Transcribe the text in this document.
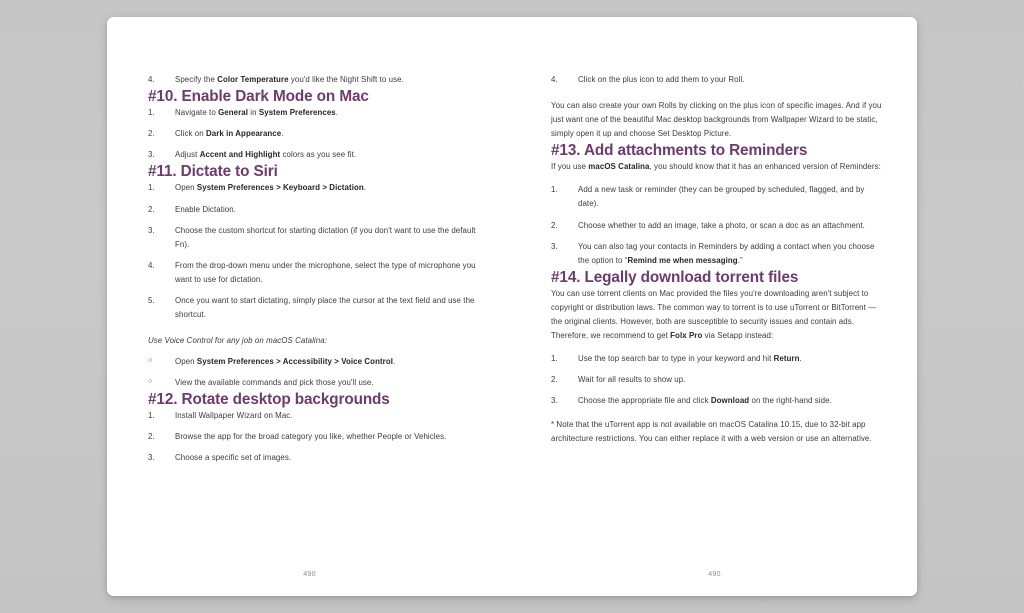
4.	Specify the Color Temperature you'd like the Night Shift to use.
#10. Enable Dark Mode on Mac
1.	Navigate to General in System Preferences.
2.	Click on Dark in Appearance.
3.	Adjust Accent and Highlight colors as you see fit.
#11. Dictate to Siri
1.	Open System Preferences > Keyboard > Dictation.
2.	Enable Dictation.
3.	Choose the custom shortcut for starting dictation (if you don't want to use the default Fn).
4.	From the drop-down menu under the microphone, select the type of microphone you want to use for dictation.
5.	Once you want to start dictating, simply place the cursor at the text field and use the shortcut.

Use Voice Control for any job on macOS Catalina:

○	Open System Preferences > Accessibility > Voice Control.
○	View the available commands and pick those you'll use.
#12. Rotate desktop backgrounds
1.	Install Wallpaper Wizard on Mac.
2.	Browse the app for the broad category you like, whether People or Vehicles.
3.	Choose a specific set of images.
490
4.	Click on the plus icon to add them to your Roll.

You can also create your own Rolls by clicking on the plus icon of specific images. And if you just want one of the beautiful Mac desktop backgrounds from Wallpaper Wizard to be static, simply open it up and choose Set Desktop Picture.

#13. Add attachments to Reminders

If you use macOS Catalina, you should know that it has an enhanced version of Reminders:

1.	Add a new task or reminder (they can be grouped by scheduled, flagged, and by date).
2.	Choose whether to add an image, take a photo, or scan a doc as an attachment.
3.	You can also tag your contacts in Reminders by adding a contact when you choose the option to “Remind me when messaging.”
#14. Legally download torrent files

You can use torrent clients on Mac provided the files you're downloading aren't subject to copyright or distribution laws. The common way to torrent is to use uTorrent or BitTorrent — the original clients. However, both are susceptible to security issues and contain ads. Therefore, we recommend to get Folx Pro via Setapp instead:

1.	Use the top search bar to type in your keyword and hit Return.
2.	Wait for all results to show up.
3.	Choose the appropriate file and click Download on the right-hand side.

* Note that the uTorrent app is not available on macOS Catalina 10.15, due to 32-bit app architecture restrictions. You can either replace it with a web version or use an alternative.

490
